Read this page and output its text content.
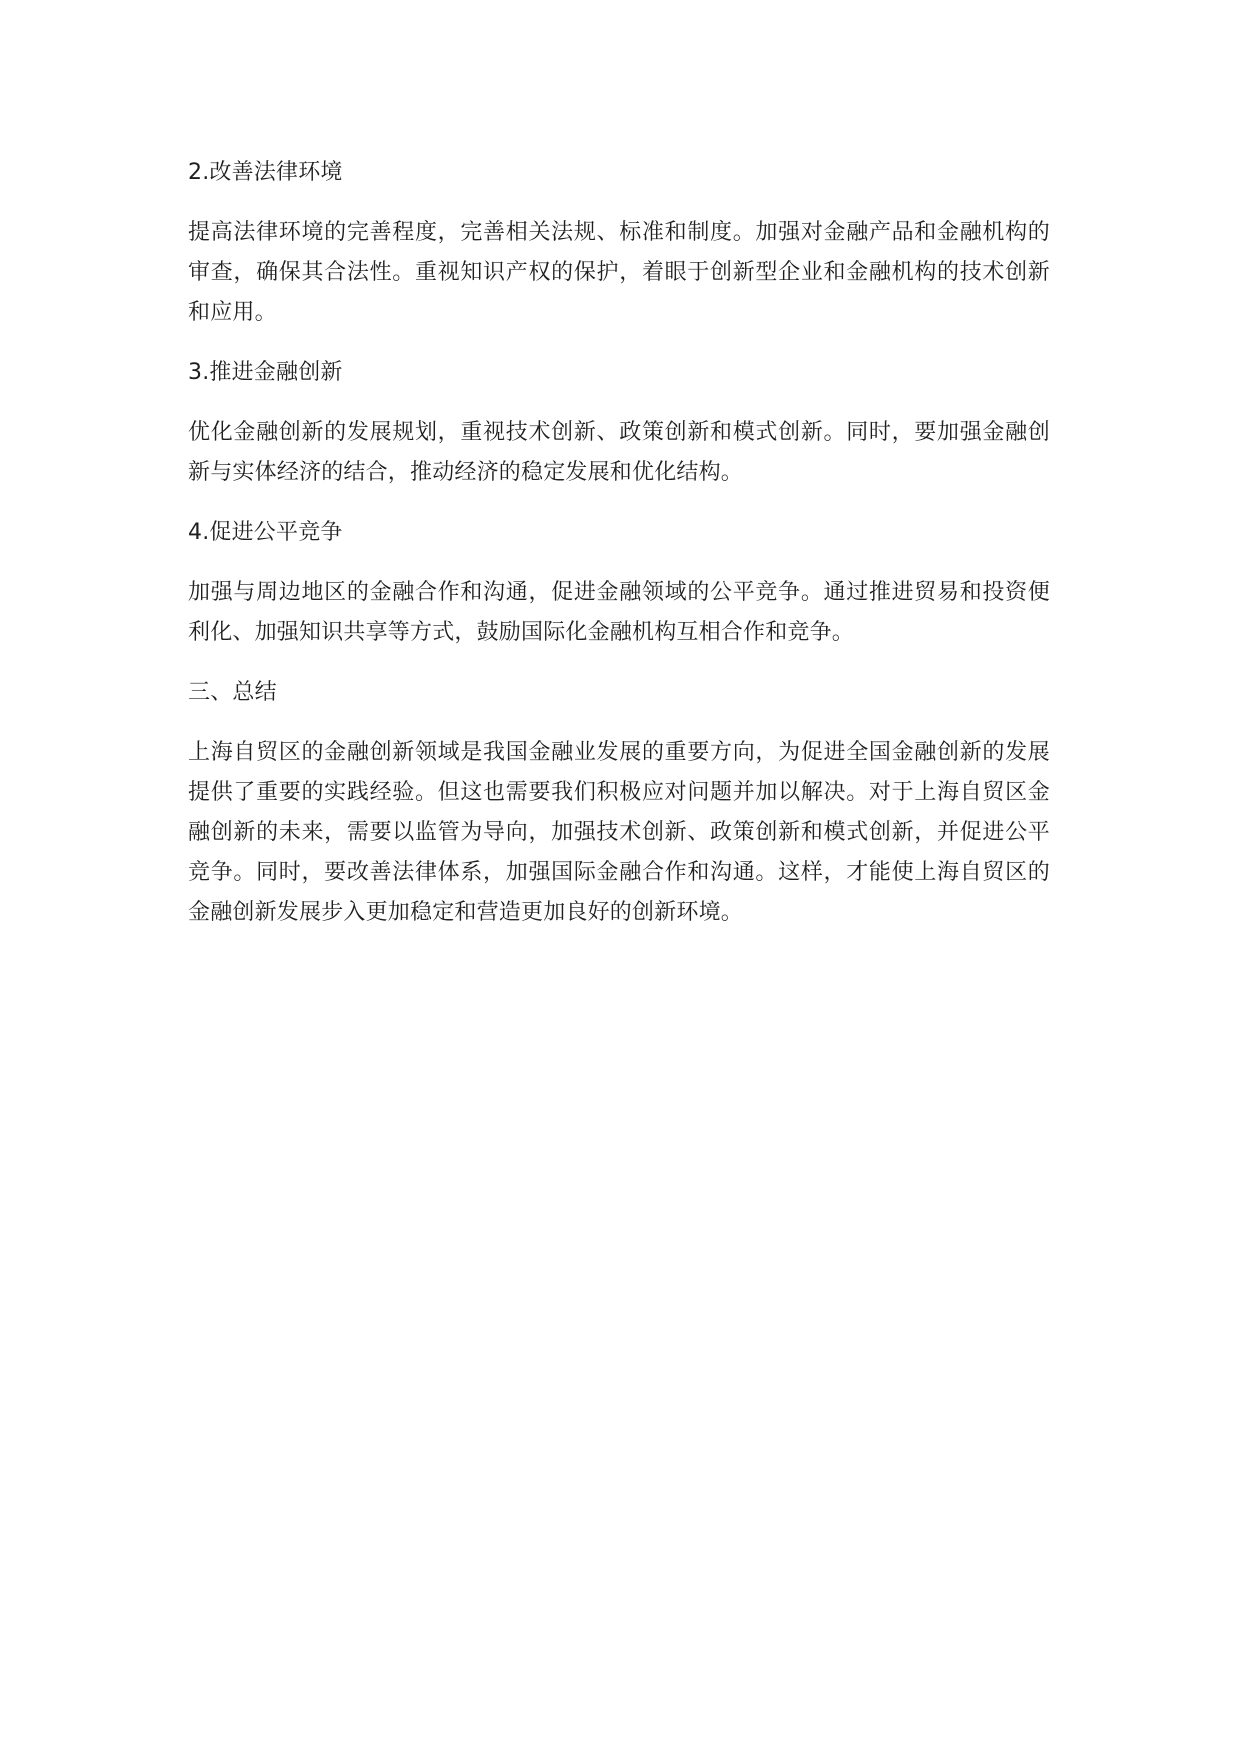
2.改善法律环境
提高法律环境的完善程度，完善相关法规、标准和制度。加强对金融产品和金融机构的审查，确保其合法性。重视知识产权的保护，着眼于创新型企业和金融机构的技术创新和应用。
3.推进金融创新
优化金融创新的发展规划，重视技术创新、政策创新和模式创新。同时，要加强金融创新与实体经济的结合，推动经济的稳定发展和优化结构。
4.促进公平竞争
加强与周边地区的金融合作和沟通，促进金融领域的公平竞争。通过推进贸易和投资便利化、加强知识共享等方式，鼓励国际化金融机构互相合作和竞争。
三、总结
上海自贸区的金融创新领域是我国金融业发展的重要方向，为促进全国金融创新的发展提供了重要的实践经验。但这也需要我们积极应对问题并加以解决。对于上海自贸区金融创新的未来，需要以监管为导向，加强技术创新、政策创新和模式创新，并促进公平竞争。同时，要改善法律体系，加强国际金融合作和沟通。这样，才能使上海自贸区的金融创新发展步入更加稳定和营造更加良好的创新环境。
